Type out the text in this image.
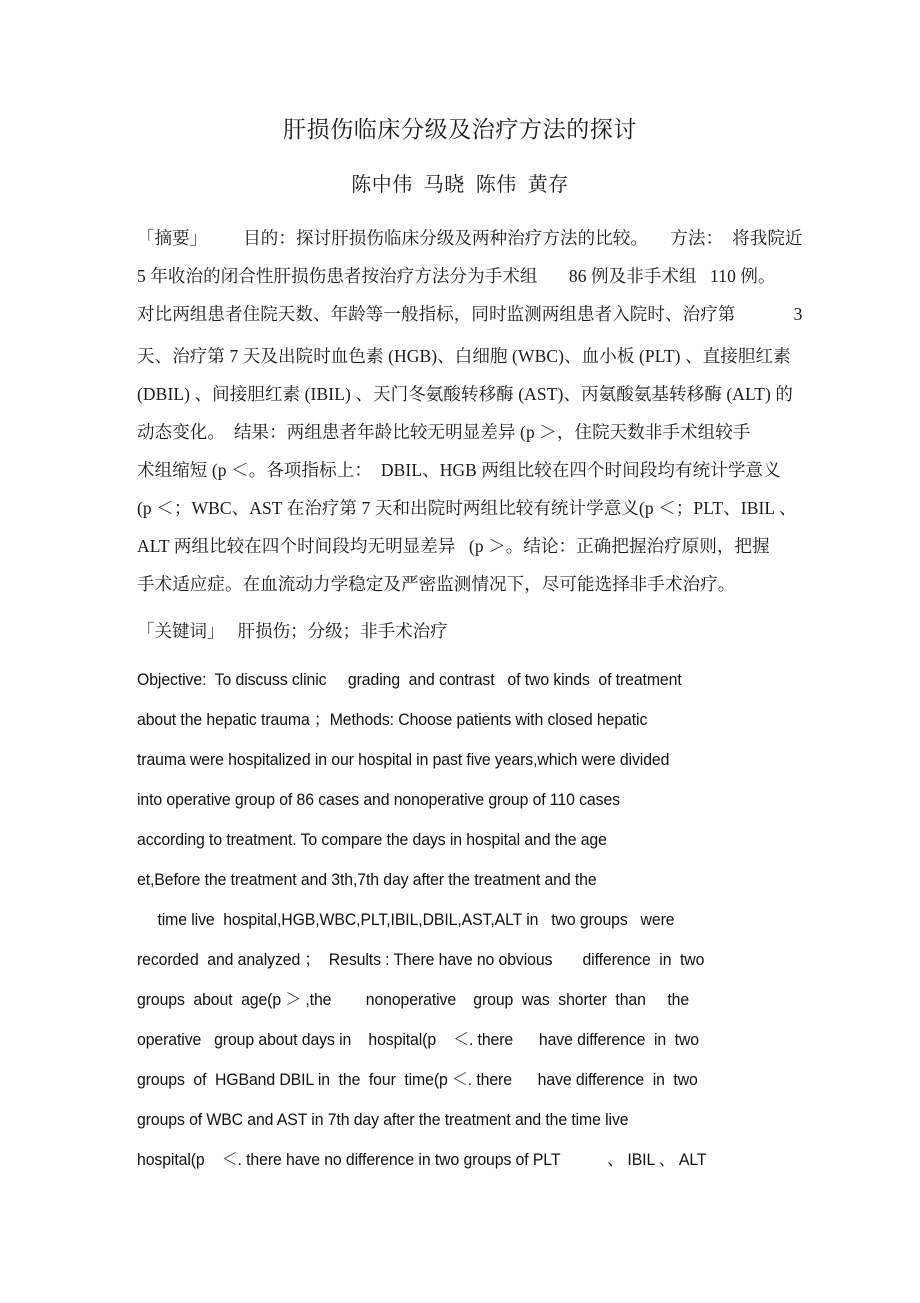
肝损伤临床分级及治疗方法的探讨
陈中伟  马晓  陈伟  黄存
「摘要」        目的：探讨肝损伤临床分级及两种治疗方法的比较。     方法：  将我院近
5 年收治的闭合性肝损伤患者按治疗方法分为手术组       86 例及非手术组   110 例。
对比两组患者住院天数、年龄等一般指标，同时监测两组患者入院时、治疗第             3
天、治疗第 7 天及出院时血色素 (HGB)、白细胞 (WBC)、血小板 (PLT) 、直接胆红素
(DBIL) 、间接胆红素 (IBIL) 、天门冬氨酸转移酶 (AST)、丙氨酸氨基转移酶 (ALT) 的
动态变化。  结果：两组患者年龄比较无明显差异 (p ＞，住院天数非手术组较手
术组缩短 (p ＜。各项指标上：  DBIL、HGB 两组比较在四个时间段均有统计学意义
(p ＜；WBC、AST 在治疗第 7 天和出院时两组比较有统计学意义(p ＜；PLT、IBIL 、
ALT 两组比较在四个时间段均无明显差异   (p ＞。结论：正确把握治疗原则，把握
手术适应症。在血流动力学稳定及严密监测情况下，尽可能选择非手术治疗。
「关键词」   肝损伤；分级；非手术治疗
Objective:  To discuss clinic     grading  and contrast   of two kinds  of treatment
about the hepatic trauma ；Methods: Choose patients with closed hepatic
trauma were hospitalized in our hospital in past five years,which were divided
into operative group of 86 cases and nonoperative group of 110 cases
according to treatment. To compare the days in hospital and the age
et,Before the treatment and 3th,7th day after the treatment and the
time live  hospital,HGB,WBC,PLT,IBIL,DBIL,AST,ALT in   two groups   were
recorded  and analyzed ；  Results : There have no obvious       difference  in  two
groups  about  age(p ＞ ,the        nonoperative    group  was  shorter  than     the
operative   group about days in    hospital(p    ＜. there      have difference  in  two
groups  of  HGBand DBIL in  the  four  time(p ＜. there      have difference  in  two
groups of WBC and AST in 7th day after the treatment and the time live
hospital(p    ＜. there have no difference in two groups of PLT           、 IBIL 、 ALT
